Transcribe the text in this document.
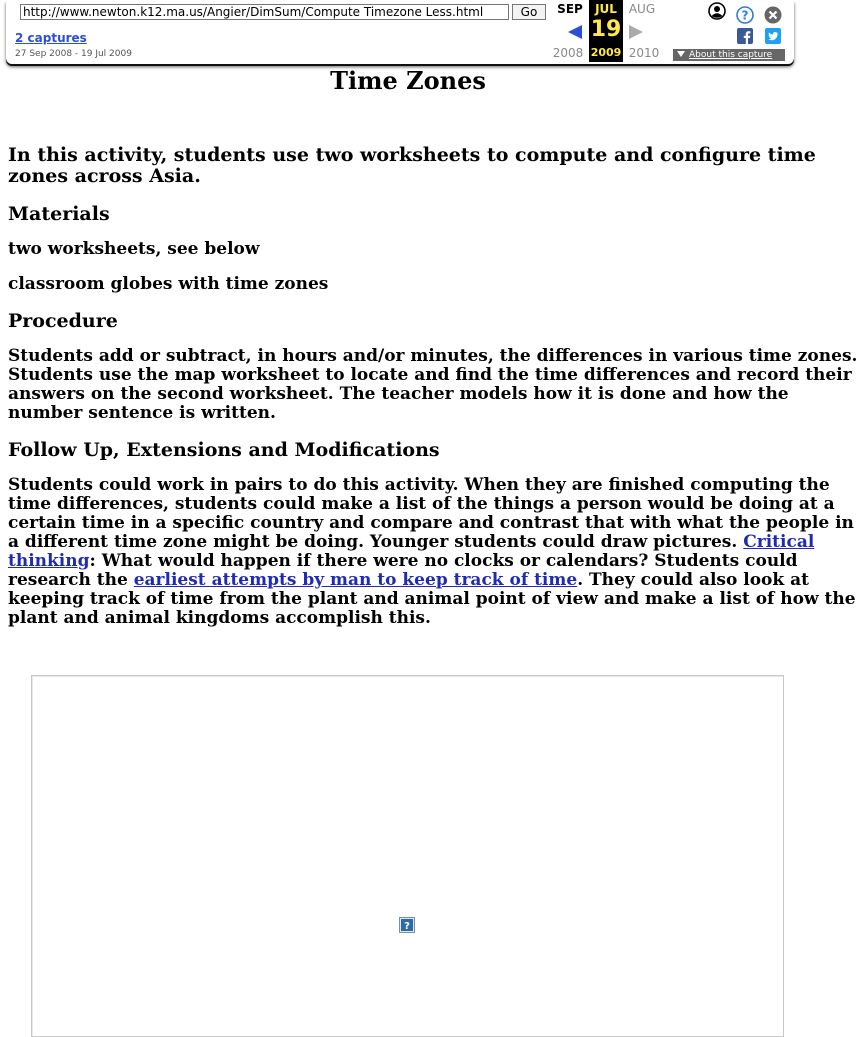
http://www.newton.k12.ma.us/Angier/DimSum/Compute Timezone Less.html
Go
2 captures
27 Sep 2008 - 19 Jul 2009
SEP	AUG
2008	2010
JUL
19
2009
?
About this capture
Time Zones

In this activity, students use two worksheets to compute and configure time
zones across Asia.

Materials

two worksheets, see below

classroom globes with time zones

Procedure

Students add or subtract, in hours and/or minutes, the differences in various time zones.
Students use the map worksheet to locate and find the time differences and record their
answers on the second worksheet. The teacher models how it is done and how the
number sentence is written.

Follow Up, Extensions and Modifications

Students could work in pairs to do this activity. When they are finished computing the
time differences, students could make a list of the things a person would be doing at a
certain time in a specific country and compare and contrast that with what the people in
a different time zone might be doing. Younger students could draw pictures. Critical
thinking: What would happen if there were no clocks or calendars? Students could
research the earliest attempts by man to keep track of time. They could also look at
keeping track of time from the plant and animal point of view and make a list of how the
plant and animal kingdoms accomplish this.

?
